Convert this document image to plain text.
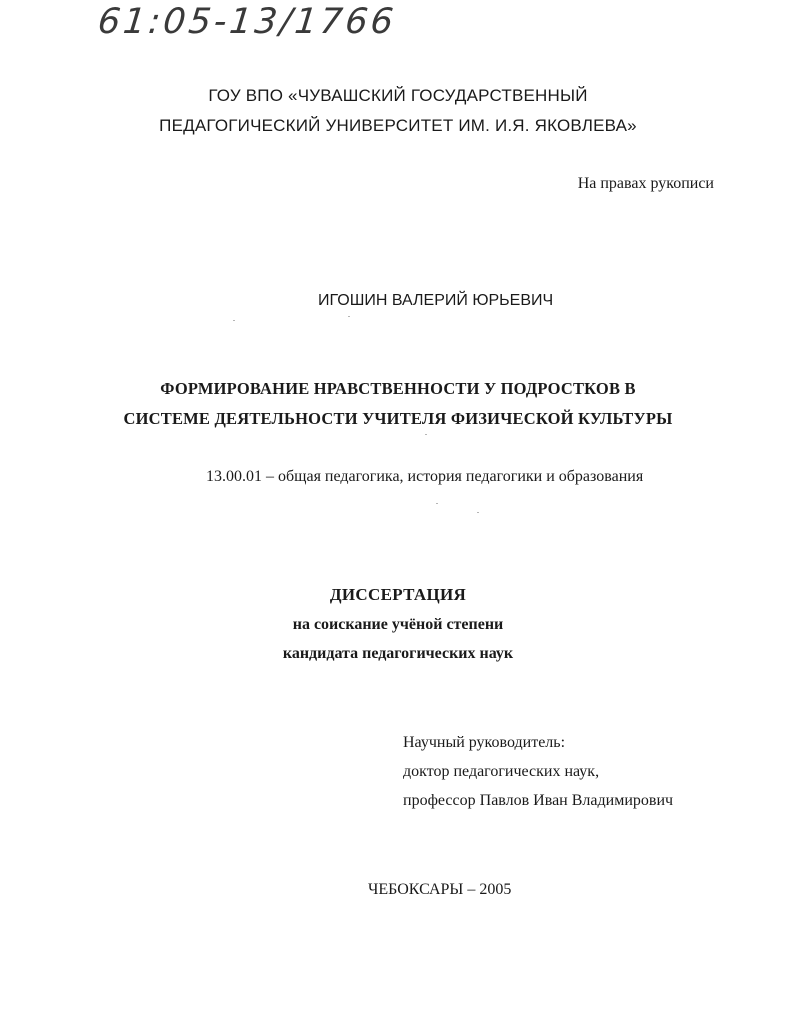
61:05-13/1766
ГОУ ВПО «ЧУВАШСКИЙ ГОСУДАРСТВЕННЫЙ
ПЕДАГОГИЧЕСКИЙ УНИВЕРСИТЕТ ИМ. И.Я. ЯКОВЛЕВА»
На правах рукописи
ИГОШИН ВАЛЕРИЙ ЮРЬЕВИЧ
ФОРМИРОВАНИЕ НРАВСТВЕННОСТИ У ПОДРОСТКОВ В
СИСТЕМЕ ДЕЯТЕЛЬНОСТИ УЧИТЕЛЯ ФИЗИЧЕСКОЙ КУЛЬТУРЫ
13.00.01 – общая педагогика, история педагогики и образования
ДИССЕРТАЦИЯ
на соискание учёной степени
кандидата педагогических наук
Научный руководитель:
доктор педагогических наук,
профессор Павлов Иван Владимирович
ЧЕБОКСАРЫ – 2005
